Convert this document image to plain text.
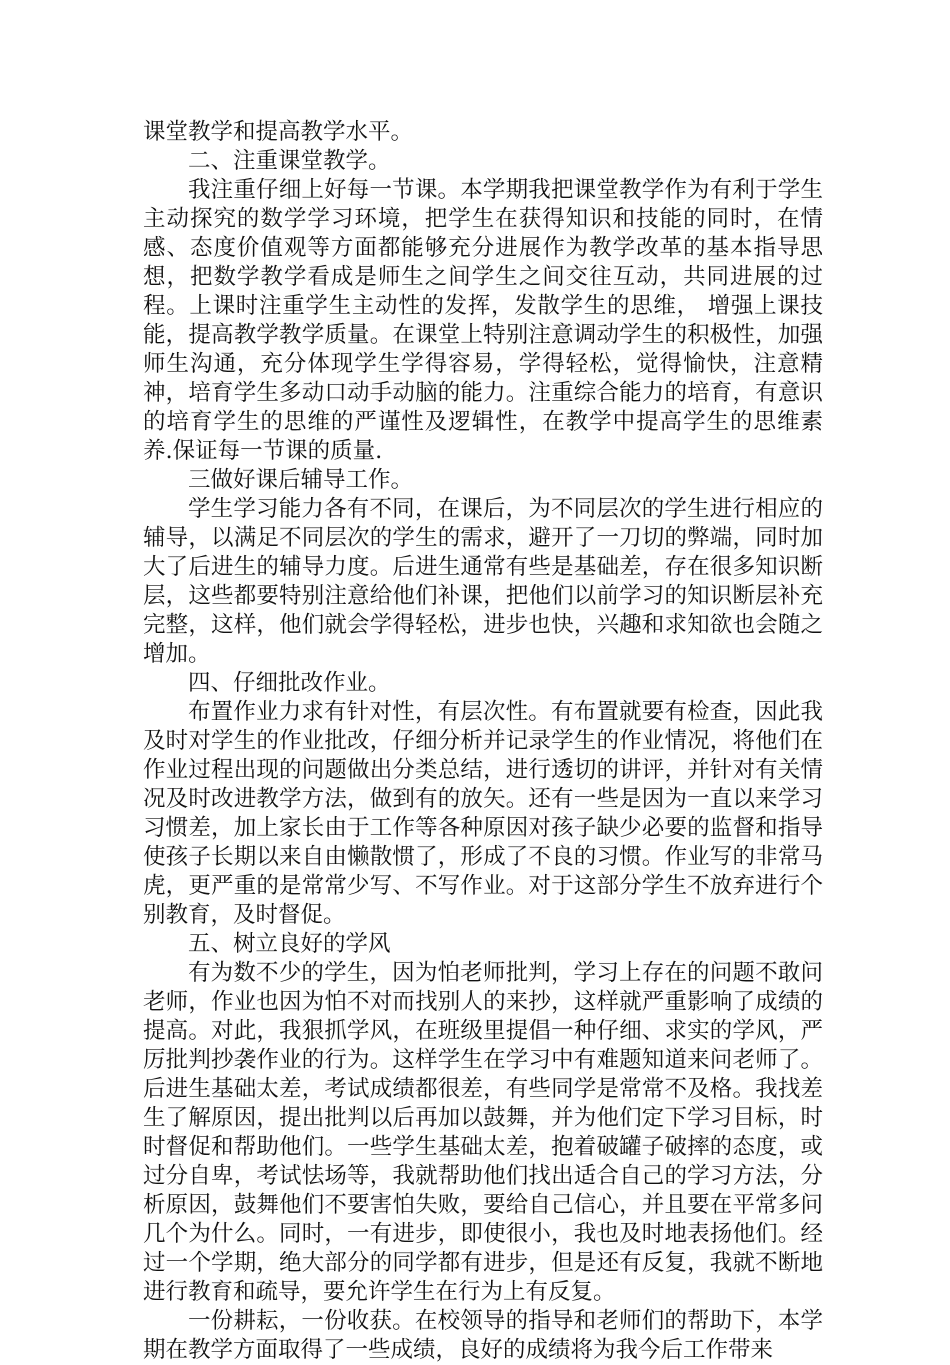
课堂教学和提高教学水平。

二、注重课堂教学。

我注重仔细上好每一节课。本学期我把课堂教学作为有利于学生主动探究的数学学习环境，把学生在获得知识和技能的同时，在情感、态度价值观等方面都能够充分进展作为教学改革的基本指导思想，把数学教学看成是师生之间学生之间交往互动，共同进展的过程。上课时注重学生主动性的发挥，发散学生的思维， 增强上课技能，提高教学教学质量。在课堂上特别注意调动学生的积极性，加强师生沟通，充分体现学生学得容易，学得轻松，觉得愉快，注意精神，培育学生多动口动手动脑的能力。注重综合能力的培育，有意识的培育学生的思维的严谨性及逻辑性，在教学中提高学生的思维素养.保证每一节课的质量.

三做好课后辅导工作。

学生学习能力各有不同，在课后，为不同层次的学生进行相应的辅导，以满足不同层次的学生的需求，避开了一刀切的弊端，同时加大了后进生的辅导力度。后进生通常有些是基础差，存在很多知识断层，这些都要特别注意给他们补课，把他们以前学习的知识断层补充完整，这样，他们就会学得轻松，进步也快，兴趣和求知欲也会随之增加。

四、仔细批改作业。

布置作业力求有针对性，有层次性。有布置就要有检查，因此我及时对学生的作业批改，仔细分析并记录学生的作业情况，将他们在作业过程出现的问题做出分类总结，进行透切的讲评，并针对有关情况及时改进教学方法，做到有的放矢。还有一些是因为一直以来学习习惯差，加上家长由于工作等各种原因对孩子缺少必要的监督和指导使孩子长期以来自由懒散惯了，形成了不良的习惯。作业写的非常马虎，更严重的是常常少写、不写作业。对于这部分学生不放弃进行个别教育，及时督促。

五、树立良好的学风

有为数不少的学生，因为怕老师批判，学习上存在的问题不敢问老师，作业也因为怕不对而找别人的来抄，这样就严重影响了成绩的提高。对此，我狠抓学风，在班级里提倡一种仔细、求实的学风，严厉批判抄袭作业的行为。这样学生在学习中有难题知道来问老师了。后进生基础太差，考试成绩都很差，有些同学是常常不及格。我找差生了解原因，提出批判以后再加以鼓舞，并为他们定下学习目标，时时督促和帮助他们。一些学生基础太差，抱着破罐子破摔的态度，或过分自卑，考试怯场等，我就帮助他们找出适合自己的学习方法，分析原因，鼓舞他们不要害怕失败，要给自己信心，并且要在平常多问几个为什么。同时，一有进步，即使很小，我也及时地表扬他们。经过一个学期，绝大部分的同学都有进步，但是还有反复，我就不断地进行教育和疏导，要允许学生在行为上有反复。

一份耕耘，一份收获。在校领导的指导和老师们的帮助下，本学期在教学方面取得了一些成绩，良好的成绩将为我今后工作带来
